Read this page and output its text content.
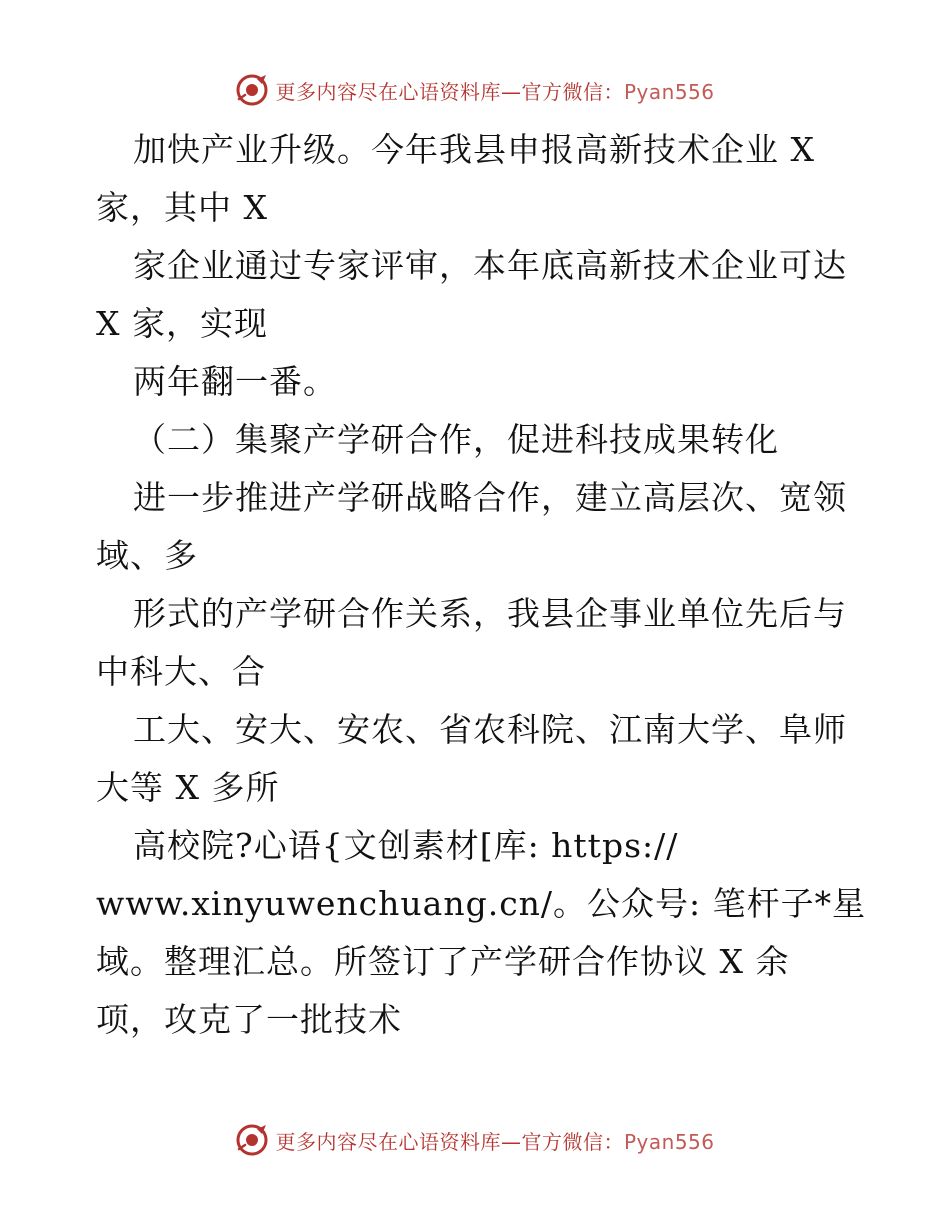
更多内容尽在心语资料库—官方微信：Pyan556
加快产业升级。今年我县申报高新技术企业 X
家，其中 X
家企业通过专家评审，本年底高新技术企业可达
X 家，实现
两年翻一番。
（二）集聚产学研合作，促进科技成果转化
进一步推进产学研战略合作，建立高层次、宽领
域、多
形式的产学研合作关系，我县企事业单位先后与
中科大、合
工大、安大、安农、省农科院、江南大学、阜师
大等 X 多所
高校院?心语{文创素材[库: https://
www.xinyuwenchuang.cn/。公众号: 笔杆子*星
域。整理汇总。所签订了产学研合作协议 X 余
项，攻克了一批技术
更多内容尽在心语资料库—官方微信：Pyan556
